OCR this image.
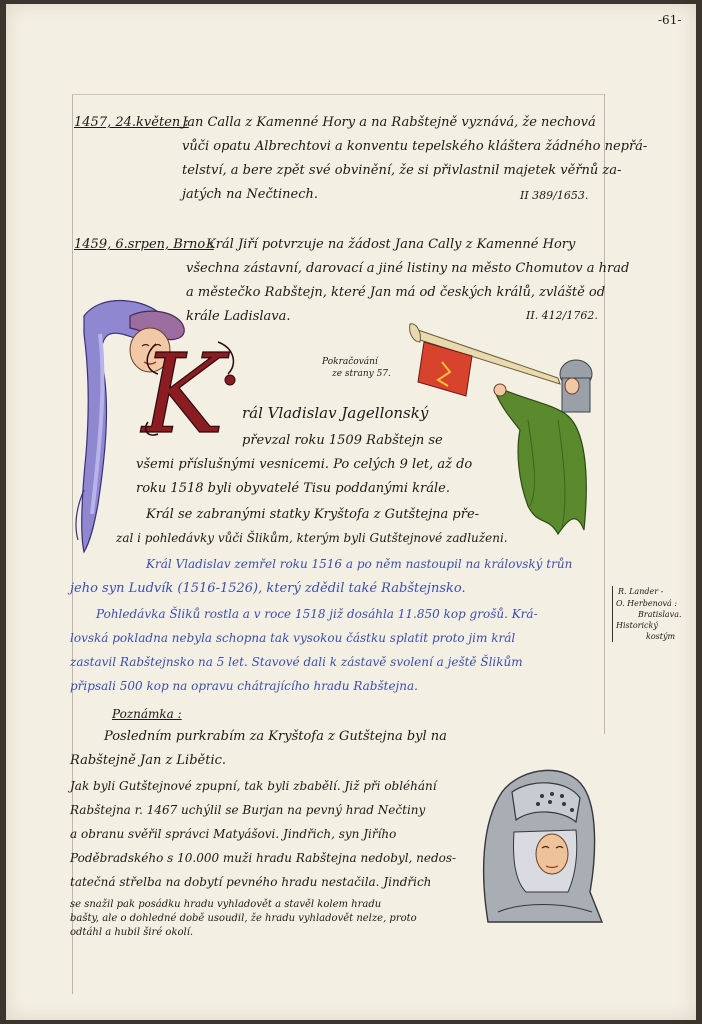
-61-
1457, 24.květen :
Jan Calla z Kamenné Hory a na Rabštejně vyznává, že nechová
vůči opatu Albrechtovi a konventu tepelského kláštera žádného nepřá-
telství, a bere zpět své obvinění, že si přivlastnil majetek věřnů za-
jatých na Nečtinech.	II 389/1653.
1459, 6.srpen, Brno :
Král Jiří potvrzuje na žádost Jana Cally z Kamenné Hory
všechna zástavní, darovací a jiné listiny na město Chomutov a hrad
a městečko Rabštejn, které Jan má od českých králů, zvláště od
krále Ladislava.	II. 412/1762.
Pokračování
ze strany 57.
K	rál Vladislav Jagellonský
převzal roku 1509 Rabštejn se
všemi příslušnými vesnicemi. Po celých 9 let, až do
roku 1518 byli obyvatelé Tisu poddanými krále.
Král se zabranými statky Kryštofa z Gutštejna pře-
zal i pohledávky vůči Šlikům, kterým byli Gutštejnové zadluženi.
Král Vladislav zemřel roku 1516 a po něm nastoupil na královský trůn
jeho syn Ludvík (1516-1526), který zdědil také Rabštejnsko.
Pohledávka Šliků rostla a v roce 1518 již dosáhla 11.850 kop grošů. Krá-
lovská pokladna nebyla schopna tak vysokou částku splatit proto jim král
zastavil Rabštejnsko na 5 let. Stavové dali k zástavě svolení a ještě Šlikům
připsali 500 kop na opravu chátrajícího hradu Rabštejna.
R. Lander -
O. Herbenová :
Bratislava.
Historický
kostým
Poznámka :
Posledním purkrabím za Kryštofa z Gutštejna byl na
Rabštejně Jan z Libětic.
Jak byli Gutštejnové zpupní, tak byli zbabělí. Již při obléhání
Rabštejna r. 1467 uchýlil se Burjan na pevný hrad Nečtiny
a obranu svěřil správci Matyášovi. Jindřich, syn Jiřího
Poděbradského s 10.000 muži hradu Rabštejna nedobyl, nedos-
tatečná střelba na dobytí pevného hradu nestačila. Jindřich
se snažil pak posádku hradu vyhladovět a stavěl kolem hradu
bašty, ale o dohledné době usoudil, že hradu vyhladovět nelze, proto
odtáhl a hubil širé okolí.
